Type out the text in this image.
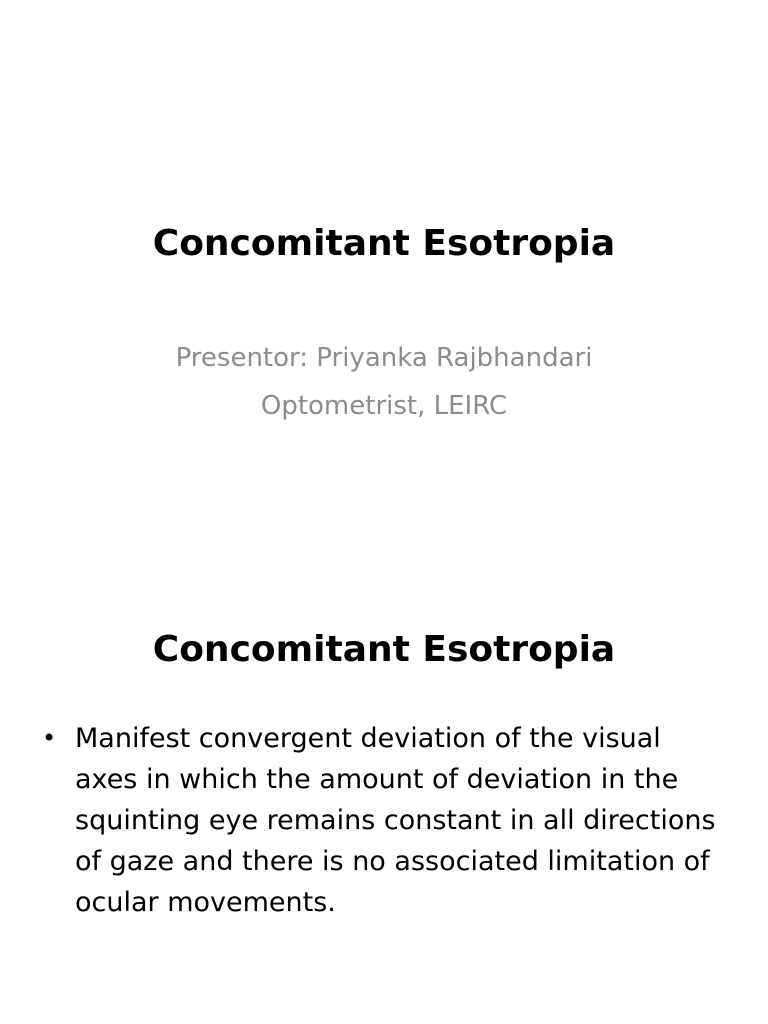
Concomitant Esotropia
Presentor: Priyanka Rajbhandari
Optometrist, LEIRC
Concomitant Esotropia
• Manifest convergent deviation of the visual axes in which the amount of deviation in the squinting eye remains constant in all directions of gaze and there is no associated limitation of ocular movements.
